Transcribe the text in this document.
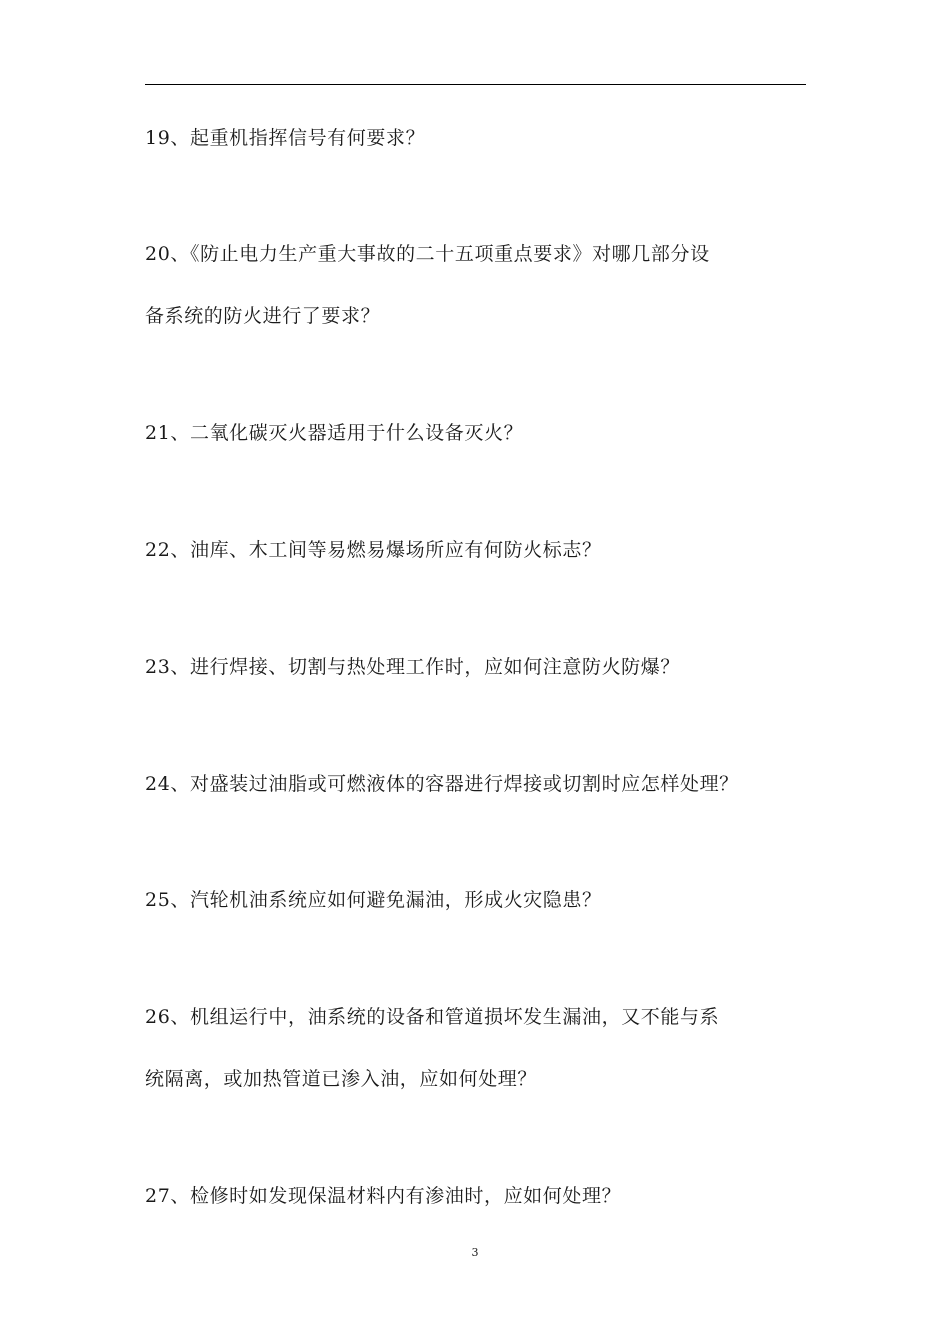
19、起重机指挥信号有何要求？
20、《防止电力生产重大事故的二十五项重点要求》对哪几部分设
备系统的防火进行了要求？
21、二氧化碳灭火器适用于什么设备灭火？
22、油库、木工间等易燃易爆场所应有何防火标志？
23、进行焊接、切割与热处理工作时，应如何注意防火防爆？
24、对盛装过油脂或可燃液体的容器进行焊接或切割时应怎样处理？
25、汽轮机油系统应如何避免漏油，形成火灾隐患？
26、机组运行中，油系统的设备和管道损坏发生漏油，又不能与系
统隔离，或加热管道已渗入油，应如何处理？
27、检修时如发现保温材料内有渗油时，应如何处理？
3
